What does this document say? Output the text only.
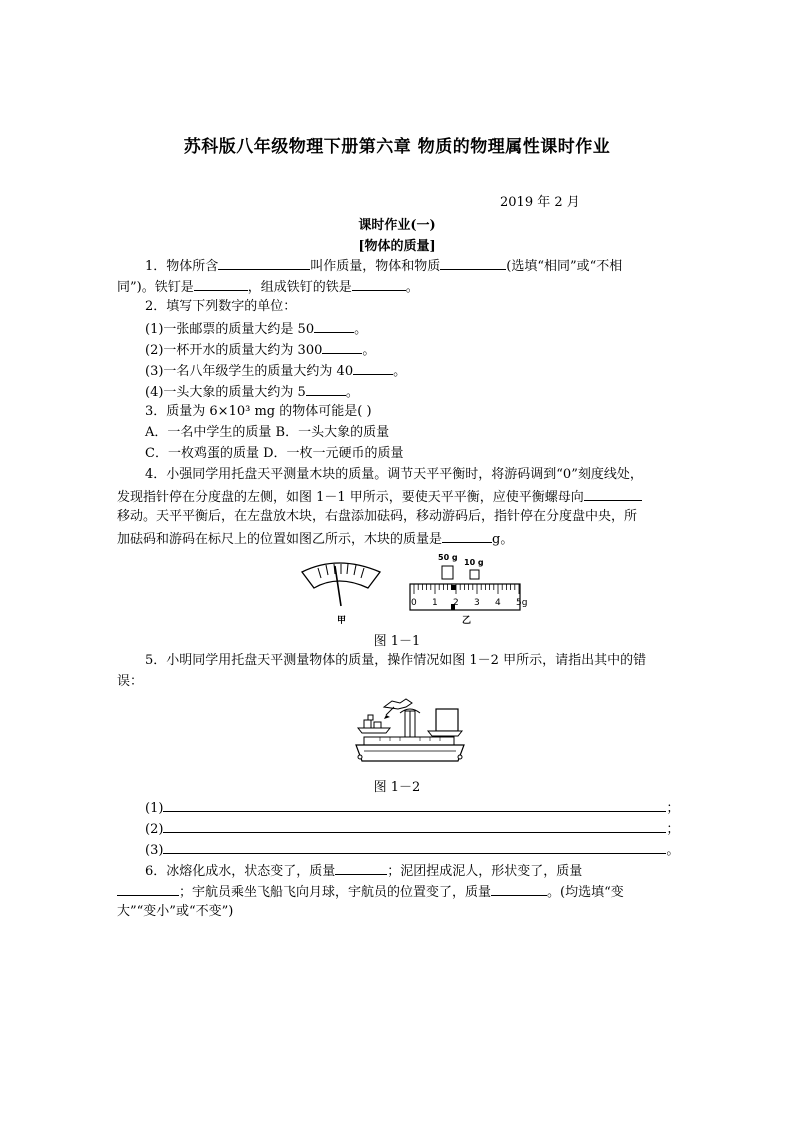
苏科版八年级物理下册第六章 物质的物理属性课时作业
2019 年 2 月
课时作业(一)
[物体的质量]
1．物体所含	叫作质量，物体和物质	(选填“相同”或“不相
同”)。铁钉是	，组成铁钉的铁是	。
2．填写下列数字的单位：
(1)一张邮票的质量大约是 50	。
(2)一杯开水的质量大约为 300	。
(3)一名八年级学生的质量大约为 40	。
(4)一头大象的质量大约为 5	。
3．质量为 6×10³ mg 的物体可能是( )
A．一名中学生的质量 B．一头大象的质量
C．一枚鸡蛋的质量 D．一枚一元硬币的质量
4．小强同学用托盘天平测量木块的质量。调节天平平衡时，将游码调到“0”刻度线处，
发现指针停在分度盘的左侧，如图 1－1 甲所示，要使天平平衡，应使平衡螺母向
移动。天平平衡后，在左盘放木块，右盘添加砝码，移动游码后，指针停在分度盘中央，所
加砝码和游码在标尺上的位置如图乙所示，木块的质量是	g。
甲
50 g
10 g
0 1 2 3 4 5g
乙
图 1－1
5．小明同学用托盘天平测量物体的质量，操作情况如图 1－2 甲所示，请指出其中的错
误：
图 1－2
(1)	；
(2)	；
(3)	。
6．冰熔化成水，状态变了，质量	；泥团捏成泥人，形状变了，质量
；宇航员乘坐飞船飞向月球，宇航员的位置变了，质量	。(均选填“变
大”“变小”或“不变”)
